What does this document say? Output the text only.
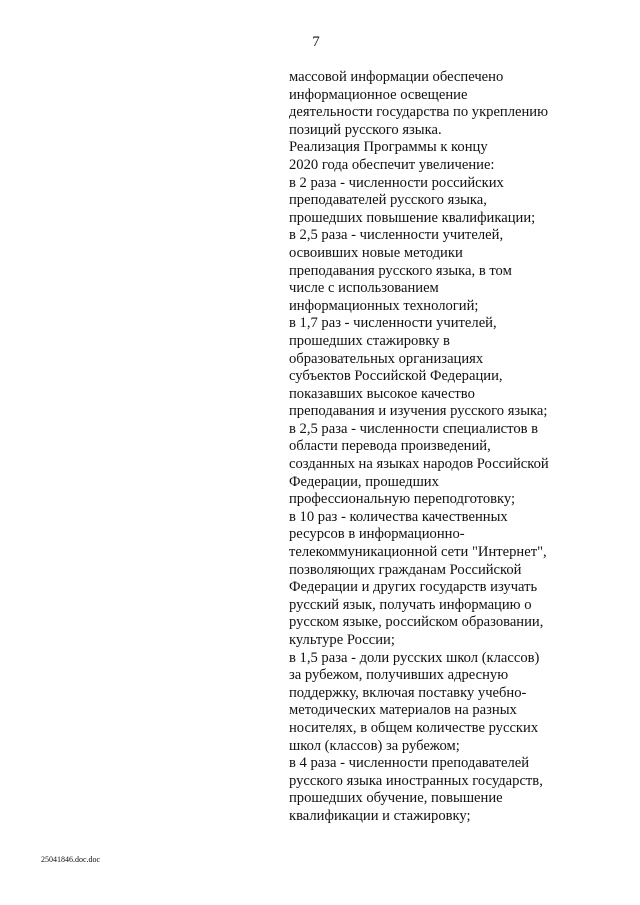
7
массовой информации обеспечено
информационное освещение
деятельности государства по укреплению
позиций русского языка.
Реализация Программы к концу
2020 года обеспечит увеличение:
в 2 раза - численности российских
преподавателей русского языка,
прошедших повышение квалификации;
в 2,5 раза - численности учителей,
освоивших новые методики
преподавания русского языка, в том
числе с использованием
информационных технологий;
в 1,7 раз - численности учителей,
прошедших стажировку в
образовательных организациях
субъектов Российской Федерации,
показавших высокое качество
преподавания и изучения русского языка;
в 2,5 раза - численности специалистов в
области перевода произведений,
созданных на языках народов Российской
Федерации, прошедших
профессиональную переподготовку;
в 10 раз - количества качественных
ресурсов в информационно-
телекоммуникационной сети "Интернет",
позволяющих гражданам Российской
Федерации и других государств изучать
русский язык, получать информацию о
русском языке, российском образовании,
культуре России;
в 1,5 раза - доли русских школ (классов)
за рубежом, получивших адресную
поддержку, включая поставку учебно-
методических материалов на разных
носителях, в общем количестве русских
школ (классов) за рубежом;
в 4 раза - численности преподавателей
русского языка иностранных государств,
прошедших обучение, повышение
квалификации и стажировку;
25041846.doc.doc
